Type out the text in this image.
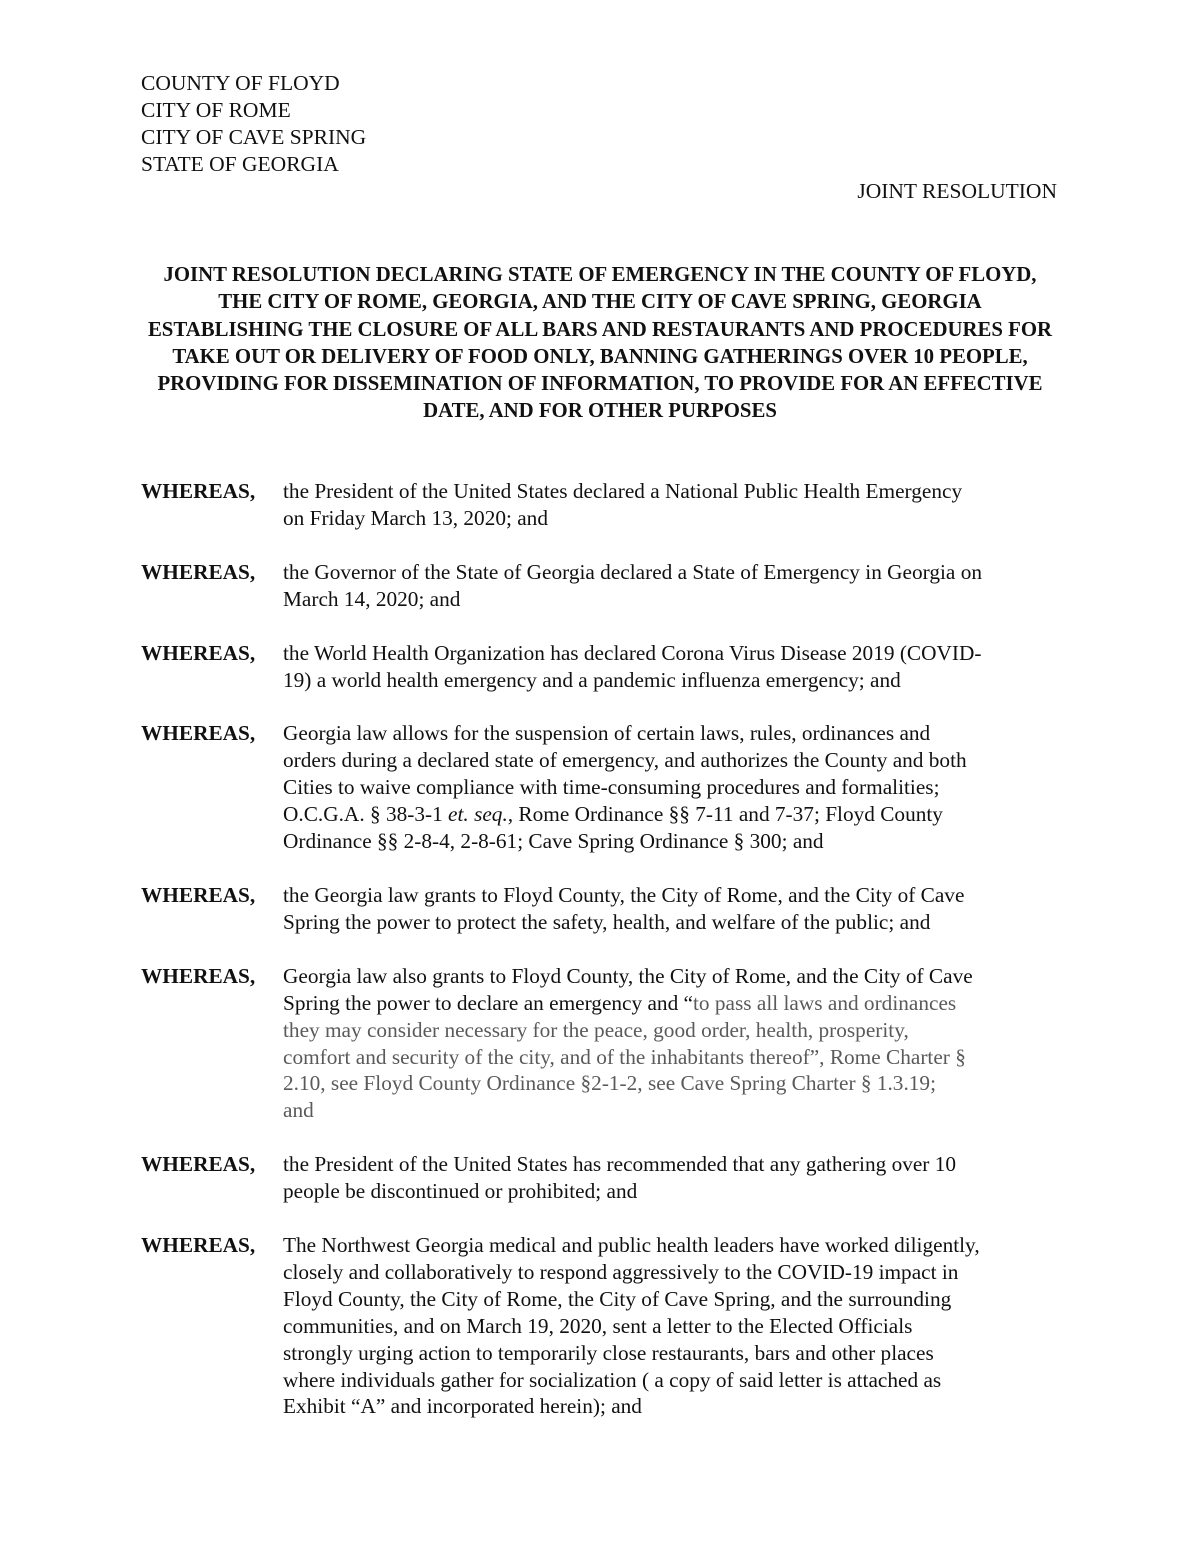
COUNTY OF FLOYD
CITY OF ROME
CITY OF CAVE SPRING
STATE OF GEORGIA
JOINT RESOLUTION
JOINT RESOLUTION DECLARING STATE OF EMERGENCY IN THE COUNTY OF FLOYD, THE CITY OF ROME, GEORGIA, AND THE CITY OF CAVE SPRING, GEORGIA ESTABLISHING THE CLOSURE OF ALL BARS AND RESTAURANTS AND PROCEDURES FOR TAKE OUT OR DELIVERY OF FOOD ONLY, BANNING GATHERINGS OVER 10 PEOPLE, PROVIDING FOR DISSEMINATION OF INFORMATION, TO PROVIDE FOR AN EFFECTIVE DATE, AND FOR OTHER PURPOSES
WHEREAS,	the President of the United States declared a National Public Health Emergency
on Friday March 13, 2020; and
WHEREAS,	the Governor of the State of Georgia declared a State of Emergency in Georgia on
March 14, 2020; and
WHEREAS,	the World Health Organization has declared Corona Virus Disease 2019 (COVID-
19) a world health emergency and a pandemic influenza emergency; and
WHEREAS,	Georgia law allows for the suspension of certain laws, rules, ordinances and
orders during a declared state of emergency, and authorizes the County and both
Cities to waive compliance with time-consuming procedures and formalities;
O.C.G.A. § 38-3-1 et. seq., Rome Ordinance §§ 7-11 and 7-37; Floyd County
Ordinance §§ 2-8-4, 2-8-61; Cave Spring Ordinance § 300; and
WHEREAS,	the Georgia law grants to Floyd County, the City of Rome, and the City of Cave
Spring the power to protect the safety, health, and welfare of the public; and
WHEREAS,	Georgia law also grants to Floyd County, the City of Rome, and the City of Cave
Spring the power to declare an emergency and “to pass all laws and ordinances
they may consider necessary for the peace, good order, health, prosperity,
comfort and security of the city, and of the inhabitants thereof”, Rome Charter §
2.10, see Floyd County Ordinance §2-1-2, see Cave Spring Charter § 1.3.19;
and
WHEREAS,	the President of the United States has recommended that any gathering over 10
people be discontinued or prohibited; and
WHEREAS,	The Northwest Georgia medical and public health leaders have worked diligently,
closely and collaboratively to respond aggressively to the COVID-19 impact in
Floyd County, the City of Rome, the City of Cave Spring, and the surrounding
communities, and on March 19, 2020, sent a letter to the Elected Officials
strongly urging action to temporarily close restaurants, bars and other places
where individuals gather for socialization ( a copy of said letter is attached as
Exhibit “A” and incorporated herein); and
